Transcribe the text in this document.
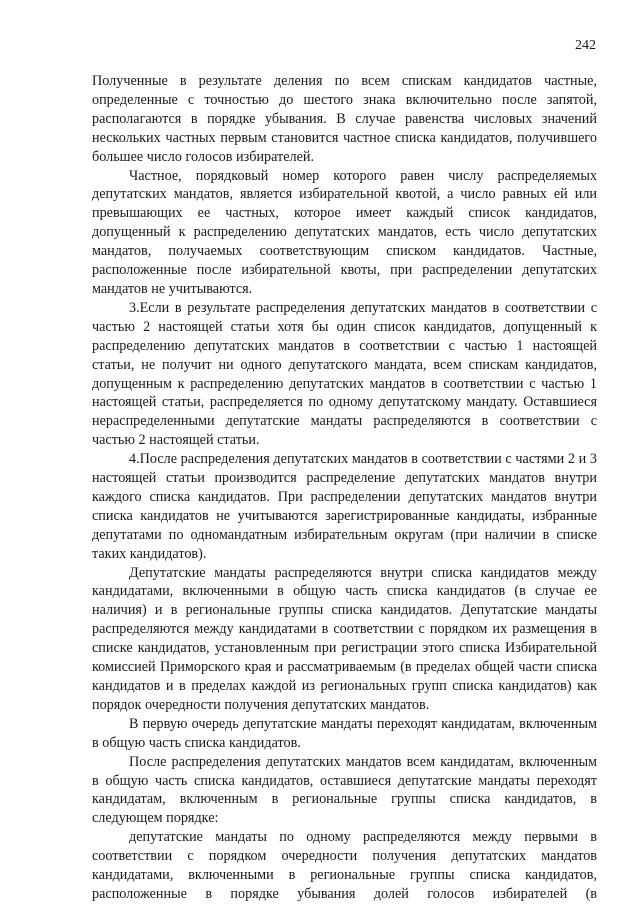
242

Полученные в результате деления по всем спискам кандидатов частные, определенные с точностью до шестого знака включительно после запятой, располагаются в порядке убывания. В случае равенства числовых значений нескольких частных первым становится частное списка кандидатов, получившего большее число голосов избирателей.

Частное, порядковый номер которого равен числу распределяемых депутатских мандатов, является избирательной квотой, а число равных ей или превышающих ее частных, которое имеет каждый список кандидатов, допущенный к распределению депутатских мандатов, есть число депутатских мандатов, получаемых соответствующим списком кандидатов. Частные, расположенные после избирательной квоты, при распределении депутатских мандатов не учитываются.

3.Если в результате распределения депутатских мандатов в соответствии с частью 2 настоящей статьи хотя бы один список кандидатов, допущенный к распределению депутатских мандатов в соответствии с частью 1 настоящей статьи, не получит ни одного депутатского мандата, всем спискам кандидатов, допущенным к распределению депутатских мандатов в соответствии с частью 1 настоящей статьи, распределяется по одному депутатскому мандату. Оставшиеся нераспределенными депутатские мандаты распределяются в соответствии с частью 2 настоящей статьи.

4.После распределения депутатских мандатов в соответствии с частями 2 и 3 настоящей статьи производится распределение депутатских мандатов внутри каждого списка кандидатов. При распределении депутатских мандатов внутри списка кандидатов не учитываются зарегистрированные кандидаты, избранные депутатами по одномандатным избирательным округам (при наличии в списке таких кандидатов).

Депутатские мандаты распределяются внутри списка кандидатов между кандидатами, включенными в общую часть списка кандидатов (в случае ее наличия) и в региональные группы списка кандидатов. Депутатские мандаты распределяются между кандидатами в соответствии с порядком их размещения в списке кандидатов, установленным при регистрации этого списка Избирательной комиссией Приморского края и рассматриваемым (в пределах общей части списка кандидатов и в пределах каждой из региональных групп списка кандидатов) как порядок очередности получения депутатских мандатов.

В первую очередь депутатские мандаты переходят кандидатам, включенным в общую часть списка кандидатов.

После распределения депутатских мандатов всем кандидатам, включенным в общую часть списка кандидатов, оставшиеся депутатские мандаты переходят кандидатам, включенным в региональные группы списка кандидатов, в следующем порядке:

депутатские мандаты по одному распределяются между первыми в соответствии с порядком очередности получения депутатских мандатов кандидатами, включенными в региональные группы списка кандидатов, расположенные в порядке убывания долей голосов избирателей (в
